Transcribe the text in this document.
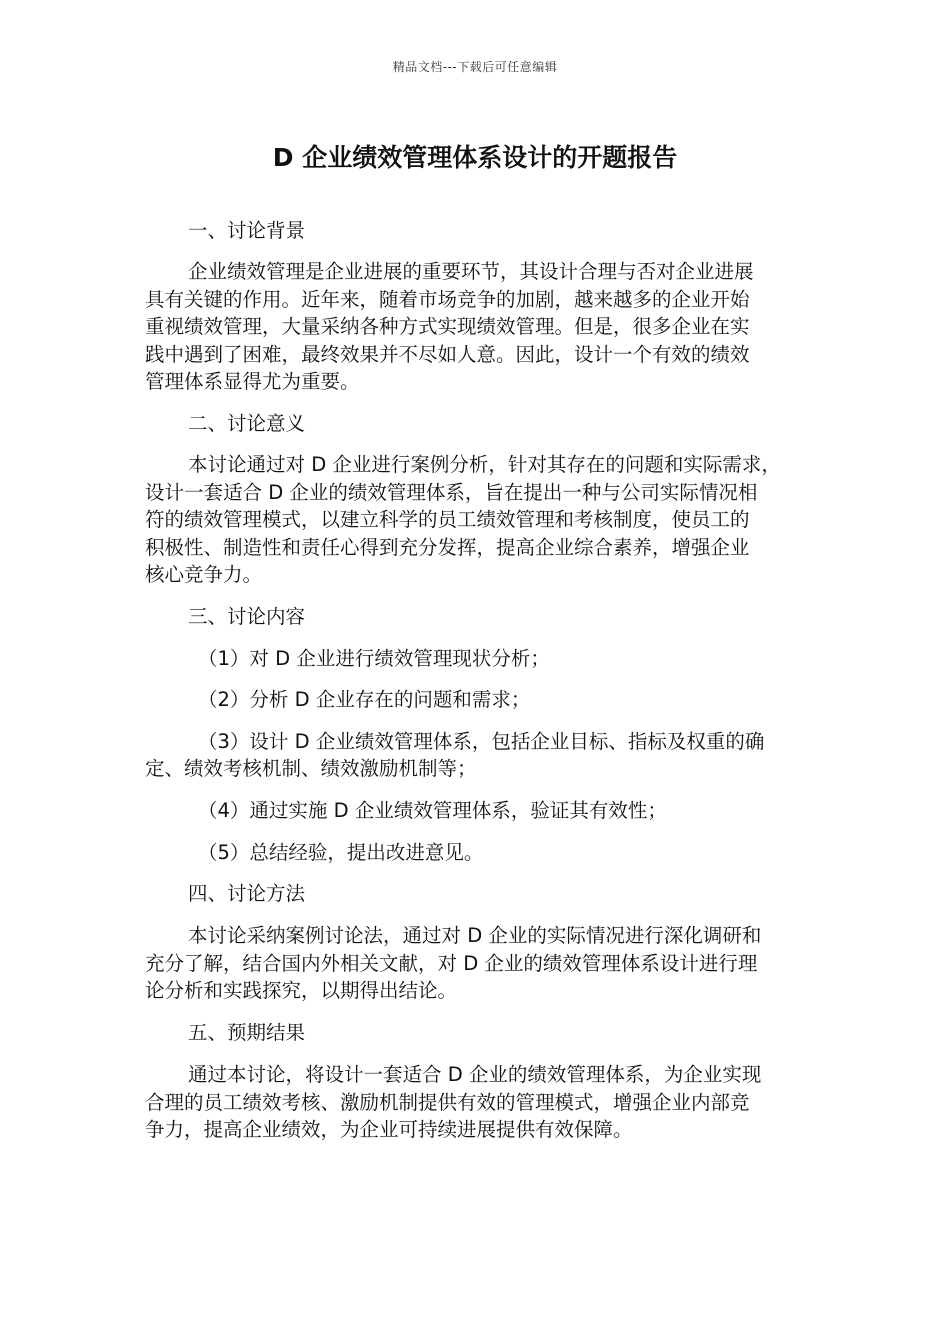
精品文档---下载后可任意编辑
D 企业绩效管理体系设计的开题报告
一、讨论背景
企业绩效管理是企业进展的重要环节，其设计合理与否对企业进展
具有关键的作用。近年来，随着市场竞争的加剧，越来越多的企业开始
重视绩效管理，大量采纳各种方式实现绩效管理。但是，很多企业在实
践中遇到了困难，最终效果并不尽如人意。因此，设计一个有效的绩效
管理体系显得尤为重要。
二、讨论意义
本讨论通过对 D 企业进行案例分析，针对其存在的问题和实际需求，
设计一套适合 D 企业的绩效管理体系，旨在提出一种与公司实际情况相
符的绩效管理模式，以建立科学的员工绩效管理和考核制度，使员工的
积极性、制造性和责任心得到充分发挥，提高企业综合素养，增强企业
核心竞争力。
三、讨论内容
（1）对 D 企业进行绩效管理现状分析；
（2）分析 D 企业存在的问题和需求；
（3）设计 D 企业绩效管理体系，包括企业目标、指标及权重的确
定、绩效考核机制、绩效激励机制等；
（4）通过实施 D 企业绩效管理体系，验证其有效性；
（5）总结经验，提出改进意见。
四、讨论方法
本讨论采纳案例讨论法，通过对 D 企业的实际情况进行深化调研和
充分了解，结合国内外相关文献，对 D 企业的绩效管理体系设计进行理
论分析和实践探究，以期得出结论。
五、预期结果
通过本讨论，将设计一套适合 D 企业的绩效管理体系，为企业实现
合理的员工绩效考核、激励机制提供有效的管理模式，增强企业内部竞
争力，提高企业绩效，为企业可持续进展提供有效保障。
